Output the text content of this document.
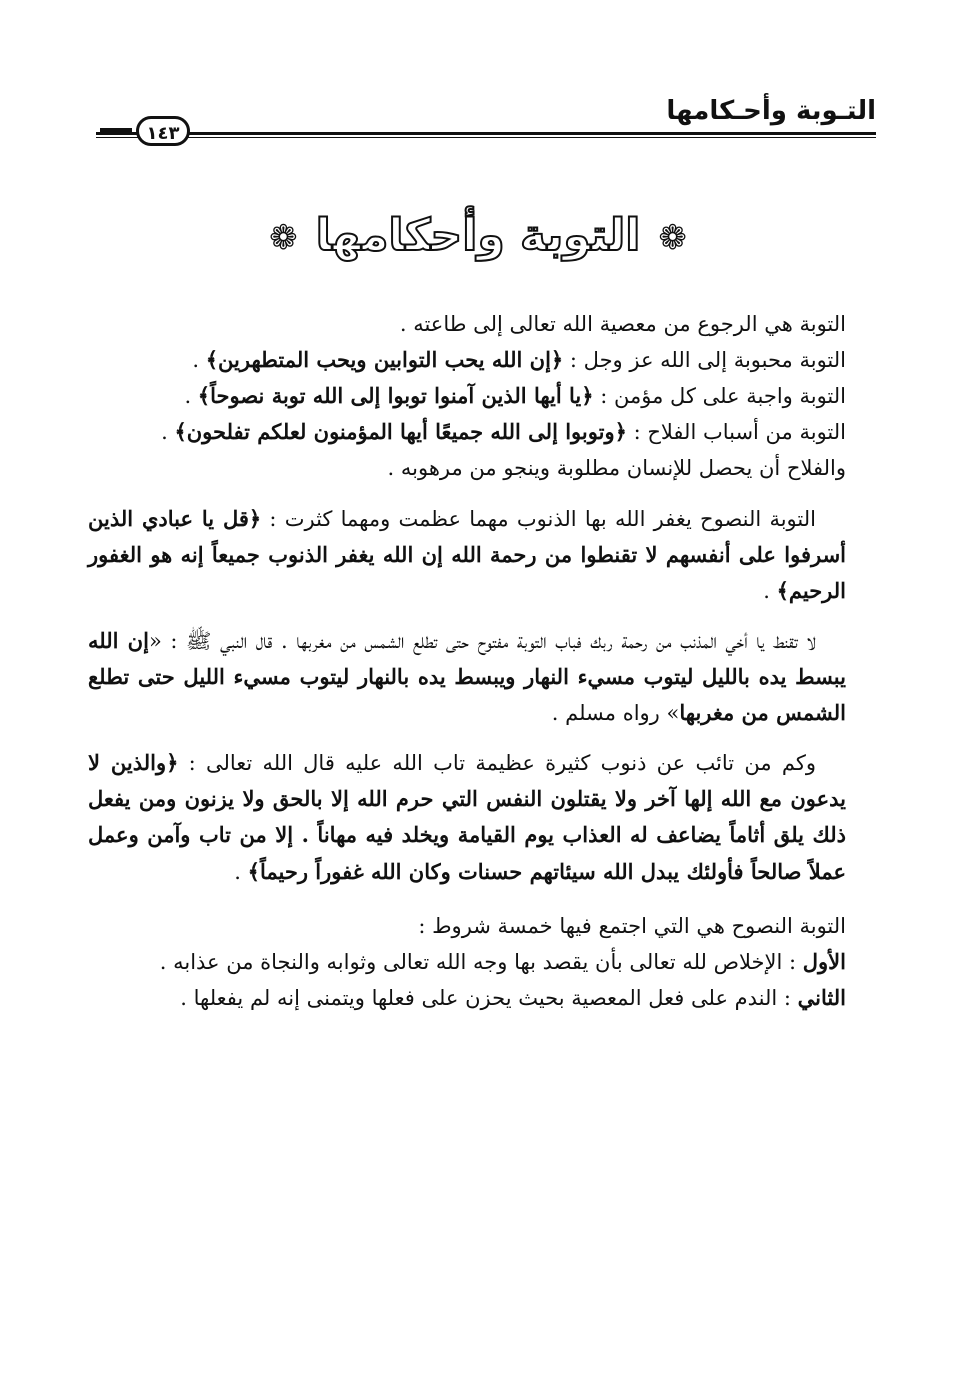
التـوبة وأحـكامها
١٤٣
❁التوبة وأحكامها❁

التوبة هي الرجوع من معصية الله تعالى إلى طاعته .

التوبة محبوبة إلى الله عز وجل : ﴿إن الله يحب التوابين ويحب المتطهرين﴾ .

التوبة واجبة على كل مؤمن : ﴿يا أيها الذين آمنوا توبوا إلى الله توبة نصوحاً﴾ .

التوبة من أسباب الفلاح : ﴿وتوبوا إلى الله جميعًا أيها المؤمنون لعلكم تفلحون﴾ .

والفلاح أن يحصل للإنسان مطلوبة وينجو من مرهوبه .

التوبة النصوح يغفر الله بها الذنوب مهما عظمت ومهما كثرت : ﴿قل يا عبادي الذين أسرفوا على أنفسهم لا تقنطوا من رحمة الله إن الله يغفر الذنوب جميعاً إنه هو الغفور الرحيم﴾ .

لا تقنط يا أخي المذنب من رحمة ربك فباب التوبة مفتوح حتى تطلع الشمس من مغربها . قال النبي ﷺ : «إن الله يبسط يده بالليل ليتوب مسيء النهار ويبسط يده بالنهار ليتوب مسيء الليل حتى تطلع الشمس من مغربها» رواه مسلم .

وكم من تائب عن ذنوب كثيرة عظيمة تاب الله عليه قال الله تعالى : ﴿والذين لا يدعون مع الله إلها آخر ولا يقتلون النفس التي حرم الله إلا بالحق ولا يزنون ومن يفعل ذلك يلق أثاماً يضاعف له العذاب يوم القيامة ويخلد فيه مهاناً . إلا من تاب وآمن وعمل عملاً صالحاً فأولئك يبدل الله سيئاتهم حسنات وكان الله غفوراً رحيماً﴾ .

التوبة النصوح هي التي اجتمع فيها خمسة شروط :

الأول : الإخلاص لله تعالى بأن يقصد بها وجه الله تعالى وثوابه والنجاة من عذابه .

الثاني : الندم على فعل المعصية بحيث يحزن على فعلها ويتمنى إنه لم يفعلها .
